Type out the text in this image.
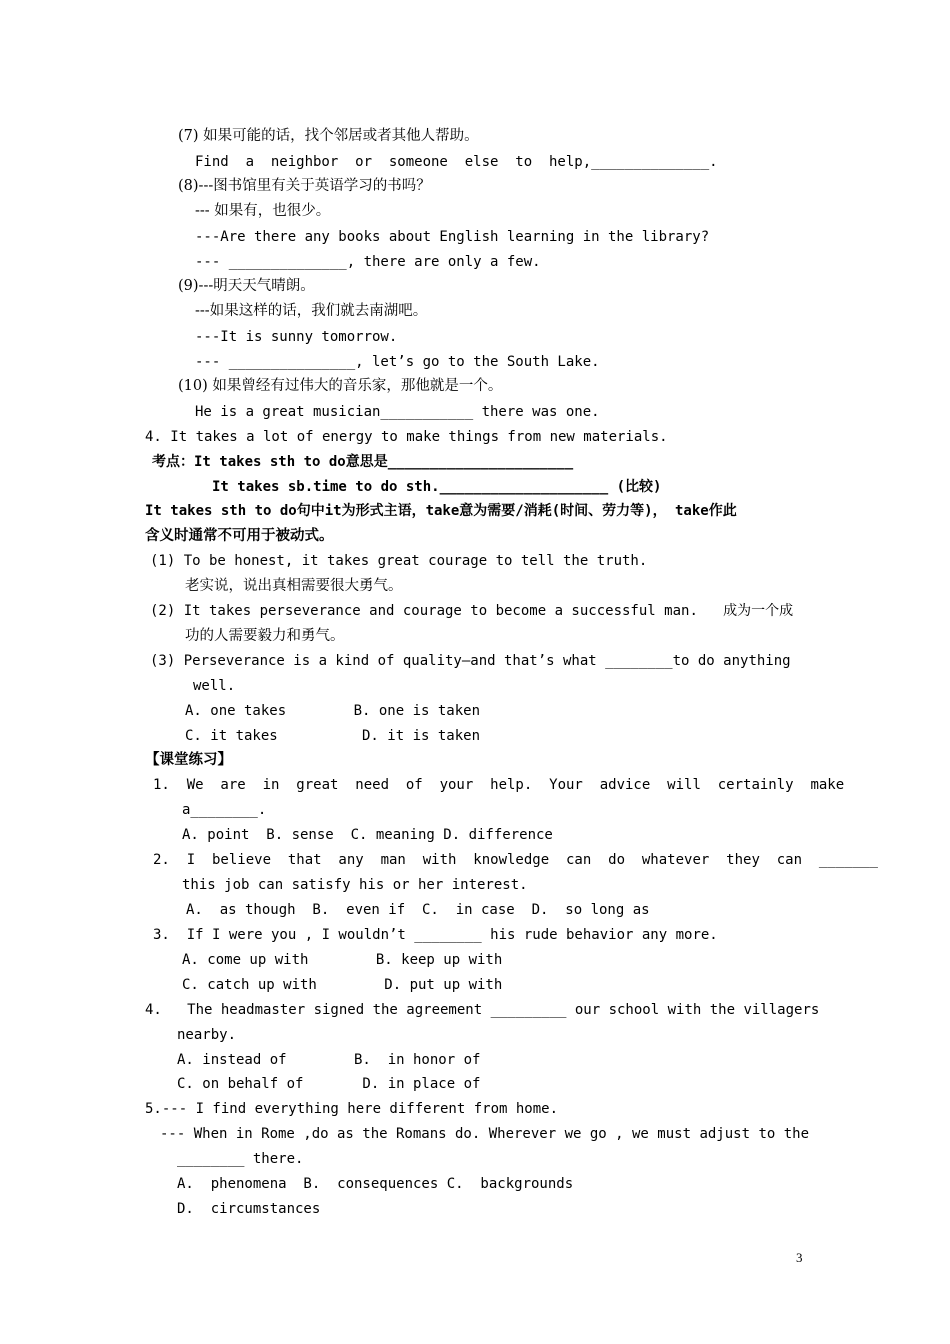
(7) 如果可能的话，找个邻居或者其他人帮助。
Find  a  neighbor  or  someone  else  to  help,______________.
(8)---图书馆里有关于英语学习的书吗？
--- 如果有，也很少。
---Are there any books about English learning in the library?
--- ______________, there are only a few.
(9)---明天天气晴朗。
---如果这样的话，我们就去南湖吧。
---It is sunny tomorrow.
--- _______________, let’s go to the South Lake.
(10) 如果曾经有过伟大的音乐家，那他就是一个。
He is a great musician___________ there was one.
4. It takes a lot of energy to make things from new materials.
考点：It takes sth to do意思是______________________
It takes sb.time to do sth.____________________ (比较)
It takes sth to do句中it为形式主语，take意为需要/消耗(时间、劳力等)， take作此
含义时通常不可用于被动式。
(1) To be honest, it takes great courage to tell the truth.
老实说，说出真相需要很大勇气。
(2) It takes perseverance and courage to become a successful man.   成为一个成
功的人需要毅力和勇气。
(3) Perseverance is a kind of quality—and that’s what ________to do anything
well.
A. one takes        B. one is taken
C. it takes          D. it is taken
【课堂练习】
1.  We  are  in  great  need  of  your  help.  Your  advice  will  certainly  make
a________.
A. point  B. sense  C. meaning D. difference
2.  I  believe  that  any  man  with  knowledge  can  do  whatever  they  can  _______
this job can satisfy his or her interest.
A.  as though  B.  even if  C.  in case  D.  so long as
3.  If I were you , I wouldn’t ________ his rude behavior any more.
A. come up with        B. keep up with
C. catch up with        D. put up with
4.   The headmaster signed the agreement _________ our school with the villagers
nearby.
A. instead of        B.  in honor of
C. on behalf of       D. in place of
5.--- I find everything here different from home.
--- When in Rome ,do as the Romans do. Wherever we go , we must adjust to the
________ there.
A.  phenomena  B.  consequences C.  backgrounds
D.  circumstances
3
